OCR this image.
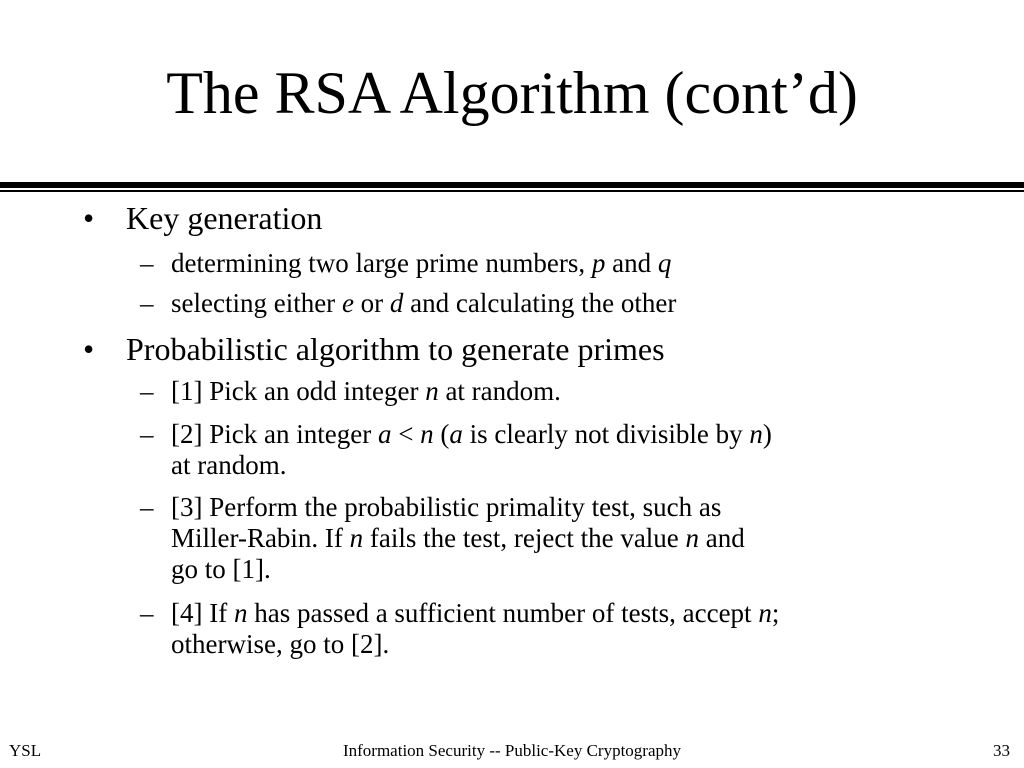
The RSA Algorithm (cont’d)
• Key generation
– determining two large prime numbers, p and q
– selecting either e or d and calculating the other
• Probabilistic algorithm to generate primes
– [1] Pick an odd integer n at random.
– [2] Pick an integer a < n (a is clearly not divisible by n)
at random.
– [3] Perform the probabilistic primality test, such as
Miller-Rabin. If n fails the test, reject the value n and
go to [1].
– [4] If n has passed a sufficient number of tests, accept n;
otherwise, go to [2].
YSL	Information Security -- Public-Key Cryptography	33
